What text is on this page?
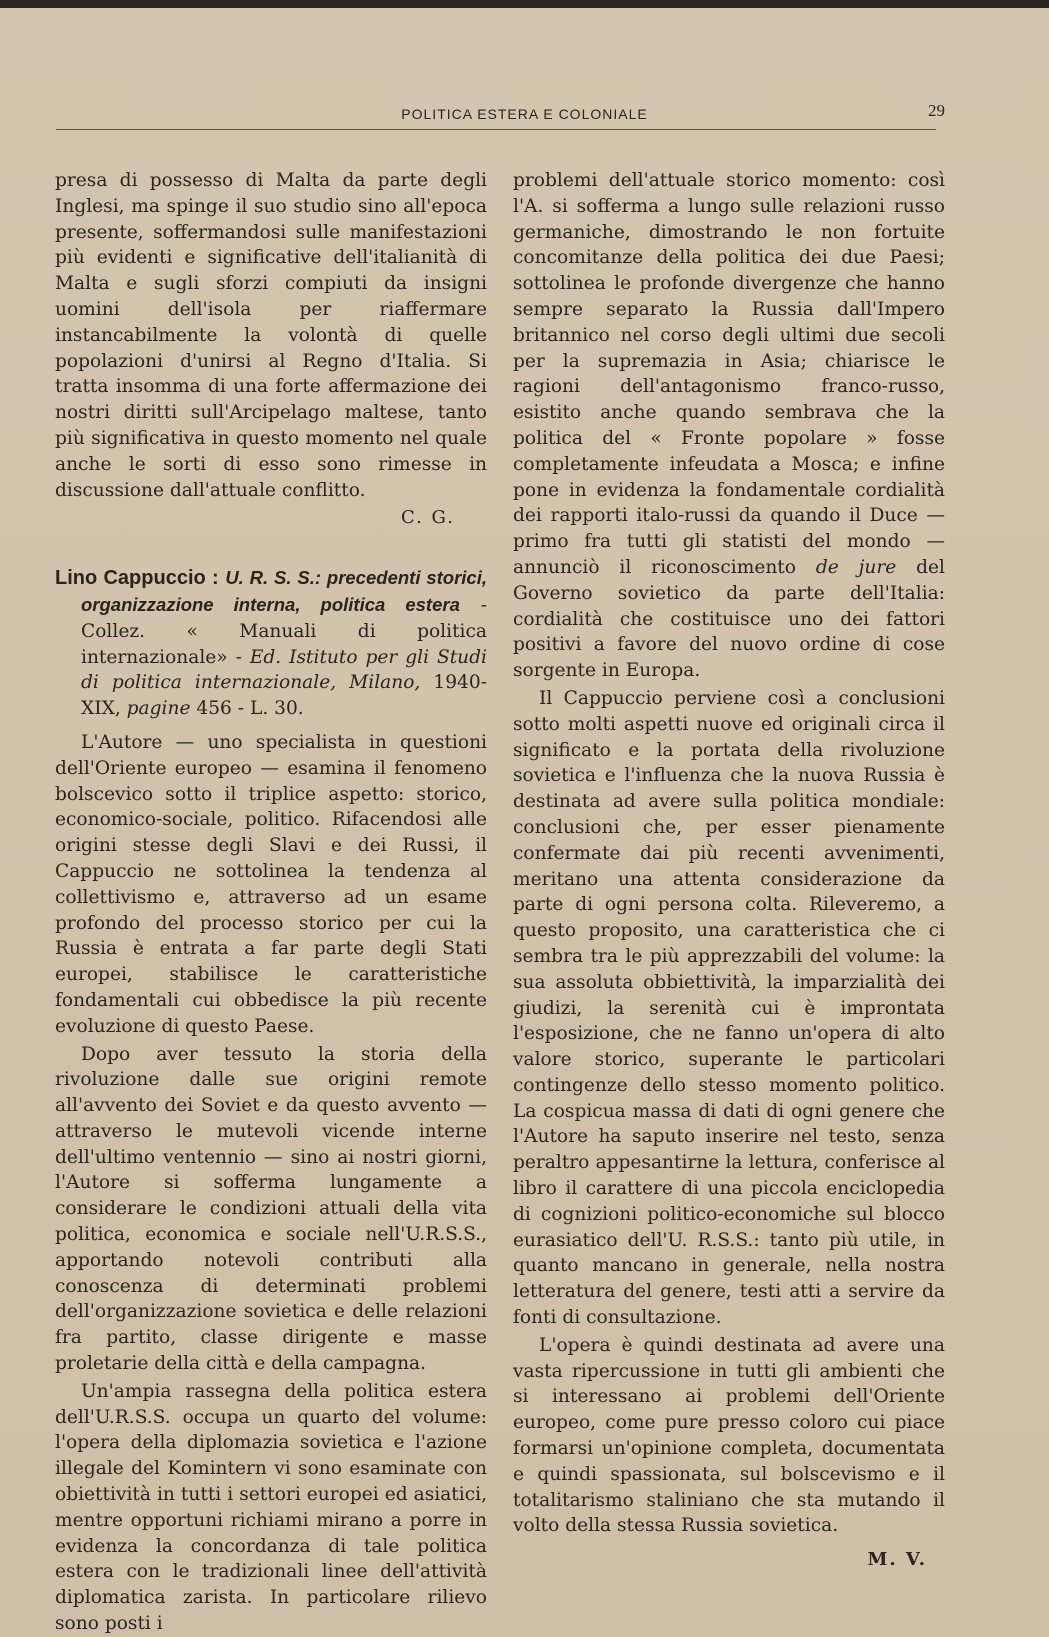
POLITICA ESTERA E COLONIALE	29

presa di possesso di Malta da parte degli Inglesi, ma spinge il suo studio sino all'epoca presente, soffermandosi sulle manifestazioni più evidenti e significative dell'italianità di Malta e sugli sforzi compiuti da insigni uomini dell'isola per riaffermare instancabilmente la volontà di quelle popolazioni d'unirsi al Regno d'Italia. Si tratta insomma di una forte affermazione dei nostri diritti sull'Arcipelago maltese, tanto più significativa in questo momento nel quale anche le sorti di esso sono rimesse in discussione dall'attuale conflitto.

C. G.

Lino Cappuccio : U. R. S. S.: precedenti storici, organizzazione interna, politica estera - Collez. « Manuali di politica internazionale» - Ed. Istituto per gli Studi di politica internazionale, Milano, 1940-XIX, pagine 456 - L. 30.

L'Autore — uno specialista in questioni dell'Oriente europeo — esamina il fenomeno bolscevico sotto il triplice aspetto: storico, economico-sociale, politico. Rifacendosi alle origini stesse degli Slavi e dei Russi, il Cappuccio ne sottolinea la tendenza al collettivismo e, attraverso ad un esame profondo del processo storico per cui la Russia è entrata a far parte degli Stati europei, stabilisce le caratteristiche fondamentali cui obbedisce la più recente evoluzione di questo Paese.

Dopo aver tessuto la storia della rivoluzione dalle sue origini remote all'avvento dei Soviet e da questo avvento — attraverso le mutevoli vicende interne dell'ultimo ventennio — sino ai nostri giorni, l'Autore si sofferma lungamente a considerare le condizioni attuali della vita politica, economica e sociale nell'U.R.S.S., apportando notevoli contributi alla conoscenza di determinati problemi dell'organizzazione sovietica e delle relazioni fra partito, classe dirigente e masse proletarie della città e della campagna.

Un'ampia rassegna della politica estera dell'U.R.S.S. occupa un quarto del volume: l'opera della diplomazia sovietica e l'azione illegale del Komintern vi sono esaminate con obiettività in tutti i settori europei ed asiatici, mentre opportuni richiami mirano a porre in evidenza la concordanza di tale politica estera con le tradizionali linee dell'attività diplomatica zarista. In particolare rilievo sono posti i

problemi dell'attuale storico momento: così l'A. si sofferma a lungo sulle relazioni russo germaniche, dimostrando le non fortuite concomitanze della politica dei due Paesi; sottolinea le profonde divergenze che hanno sempre separato la Russia dall'Impero britannico nel corso degli ultimi due secoli per la supremazia in Asia; chiarisce le ragioni dell'antagonismo franco-russo, esistito anche quando sembrava che la politica del « Fronte popolare » fosse completamente infeudata a Mosca; e infine pone in evidenza la fondamentale cordialità dei rapporti italo-russi da quando il Duce — primo fra tutti gli statisti del mondo — annunciò il riconoscimento de jure del Governo sovietico da parte dell'Italia: cordialità che costituisce uno dei fattori positivi a favore del nuovo ordine di cose sorgente in Europa.

Il Cappuccio perviene così a conclusioni sotto molti aspetti nuove ed originali circa il significato e la portata della rivoluzione sovietica e l'influenza che la nuova Russia è destinata ad avere sulla politica mondiale: conclusioni che, per esser pienamente confermate dai più recenti avvenimenti, meritano una attenta considerazione da parte di ogni persona colta. Rileveremo, a questo proposito, una caratteristica che ci sembra tra le più apprezzabili del volume: la sua assoluta obbiettività, la imparzialità dei giudizi, la serenità cui è improntata l'esposizione, che ne fanno un'opera di alto valore storico, superante le particolari contingenze dello stesso momento politico. La cospicua massa di dati di ogni genere che l'Autore ha saputo inserire nel testo, senza peraltro appesantirne la lettura, conferisce al libro il carattere di una piccola enciclopedia di cognizioni politico-economiche sul blocco eurasiatico dell'U. R.S.S.: tanto più utile, in quanto mancano in generale, nella nostra letteratura del genere, testi atti a servire da fonti di consultazione.

L'opera è quindi destinata ad avere una vasta ripercussione in tutti gli ambienti che si interessano ai problemi dell'Oriente europeo, come pure presso coloro cui piace formarsi un'opinione completa, documentata e quindi spassionata, sul bolscevismo e il totalitarismo staliniano che sta mutando il volto della stessa Russia sovietica.

M. V.
